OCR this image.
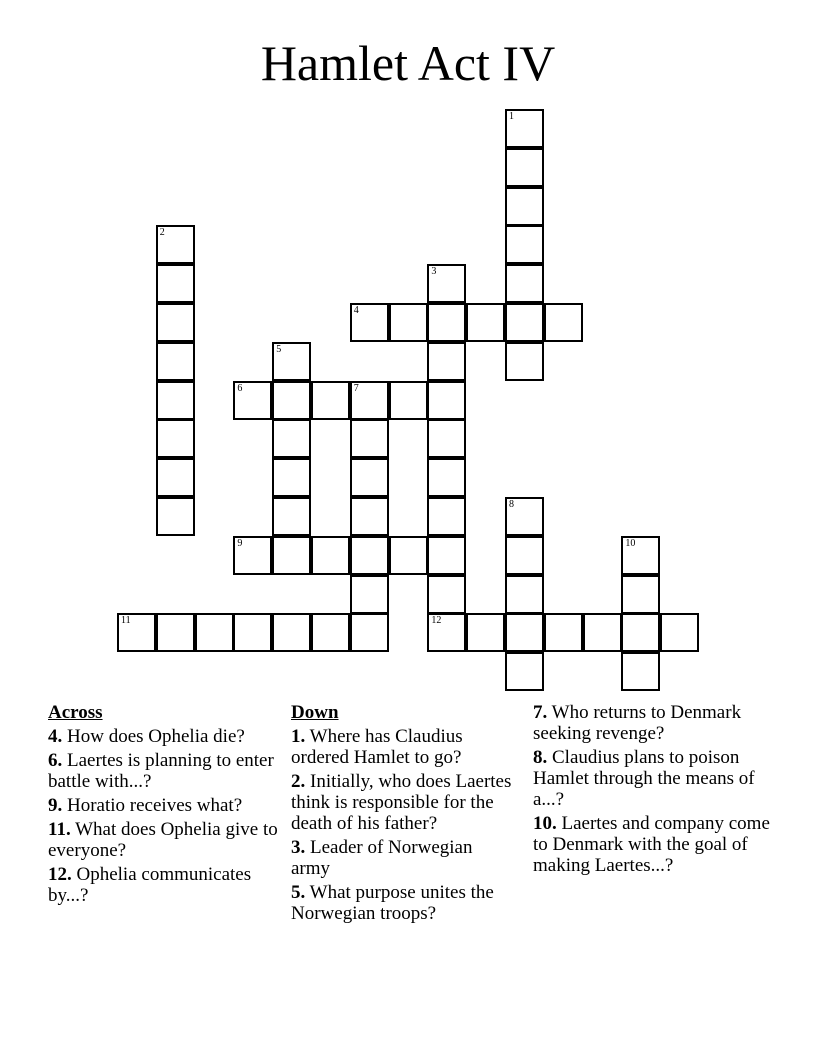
Hamlet Act IV
1
2
3
12
4
5
6	7
8
9	10
11
Across
4. How does Ophelia die?
6. Laertes is planning to enter battle with...?
9. Horatio receives what?
11. What does Ophelia give to everyone?
12. Ophelia communicates by...?
Down
1. Where has Claudius ordered Hamlet to go?
2. Initially, who does Laertes think is responsible for the death of his father?
3. Leader of Norwegian army
5. What purpose unites the Norwegian troops?
7. Who returns to Denmark seeking revenge?
8. Claudius plans to poison Hamlet through the means of a...?
10. Laertes and company come to Denmark with the goal of making Laertes...?
